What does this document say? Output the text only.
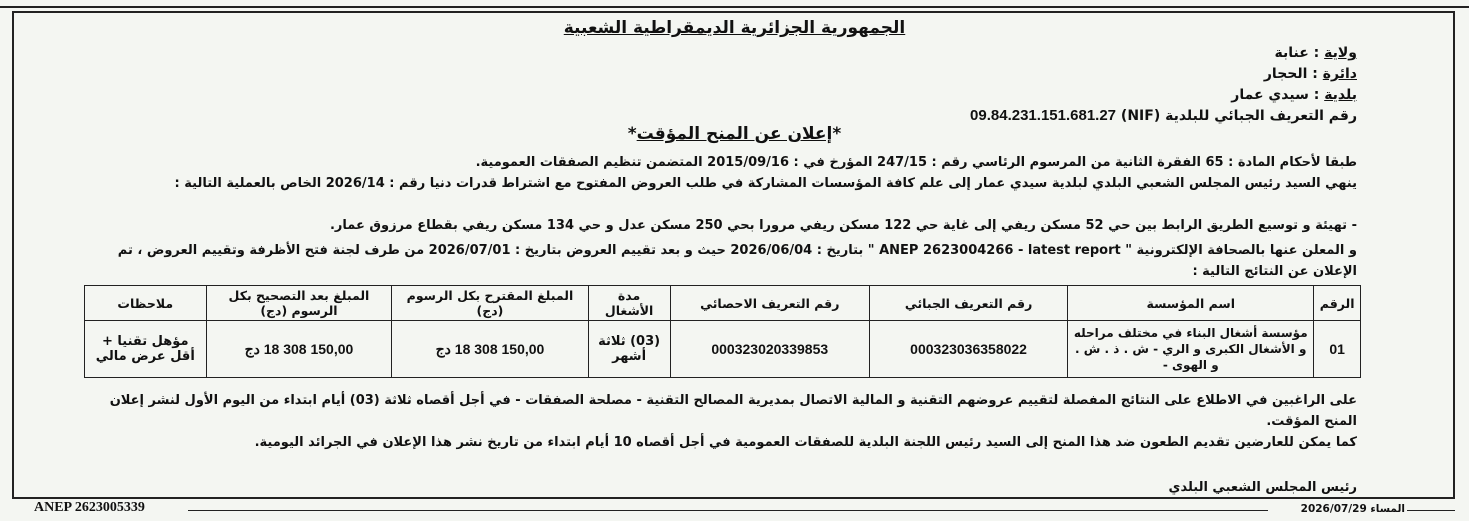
الجمهورية الجزائرية الديمقراطية الشعبية
ولاية : عنابة
دائرة : الحجار
بلدية : سيدي عمار
رقم التعريف الجبائي للبلدية (NIF) 09.84.231.151.681.27
*إعلان عن المنح المؤقت*
طبقا لأحكام المادة : 65 الفقرة الثانية من المرسوم الرئاسي رقم : 247/15 المؤرخ في : 2015/09/16 المتضمن تنظيم الصفقات العمومية.
ينهي السيد رئيس المجلس الشعبي البلدي لبلدية سيدي عمار إلى علم كافة المؤسسات المشاركة في طلب العروض المفتوح مع اشتراط قدرات دنيا رقم : 2026/14 الخاص بالعملية التالية :
- تهيئة و توسيع الطريق الرابط بين حي 52 مسكن ريفي إلى غاية حي 122 مسكن ريفي مرورا بحي 250 مسكن عدل و حي 134 مسكن ريفي بقطاع مرزوق عمار.
و المعلن عنها بالصحافة الإلكترونية " ANEP 2623004266 - latest report " بتاريخ : 2026/06/04 حيث و بعد تقييم العروض بتاريخ : 2026/07/01 من طرف لجنة فتح الأظرفة وتقييم العروض ، تم الإعلان عن النتائج التالية :
الرقم	اسم المؤسسة	رقم التعريف الجبائي	رقم التعريف الاحصائي	مدة الأشغال	المبلغ المقترح بكل الرسوم (دج)	المبلغ بعد التصحيح بكل الرسوم (دج)	ملاحظات
01	مؤسسة أشغال البناء في مختلف مراحله و الأشغال الكبرى و الري - ش . ذ . ش . و الهوى -	000323036358022	000323020339853	(03) ثلاثة أشهر	150,00 308 18 دج	150,00 308 18 دج	مؤهل تقنيا + أقل عرض مالي
على الراغبين في الاطلاع على النتائج المفصلة لتقييم عروضهم التقنية و المالية الاتصال بمديرية المصالح التقنية - مصلحة الصفقات - في أجل أقصاه ثلاثة (03) أيام ابتداء من اليوم الأول لنشر إعلان المنح المؤقت.
كما يمكن للعارضين تقديم الطعون ضد هذا المنح إلى السيد رئيس اللجنة البلدية للصفقات العمومية في أجل أقصاه 10 أيام ابتداء من تاريخ نشر هذا الإعلان في الجرائد اليومية.
رئيس المجلس الشعبي البلدي
ANEP 2623005339	المساء 2026/07/29
